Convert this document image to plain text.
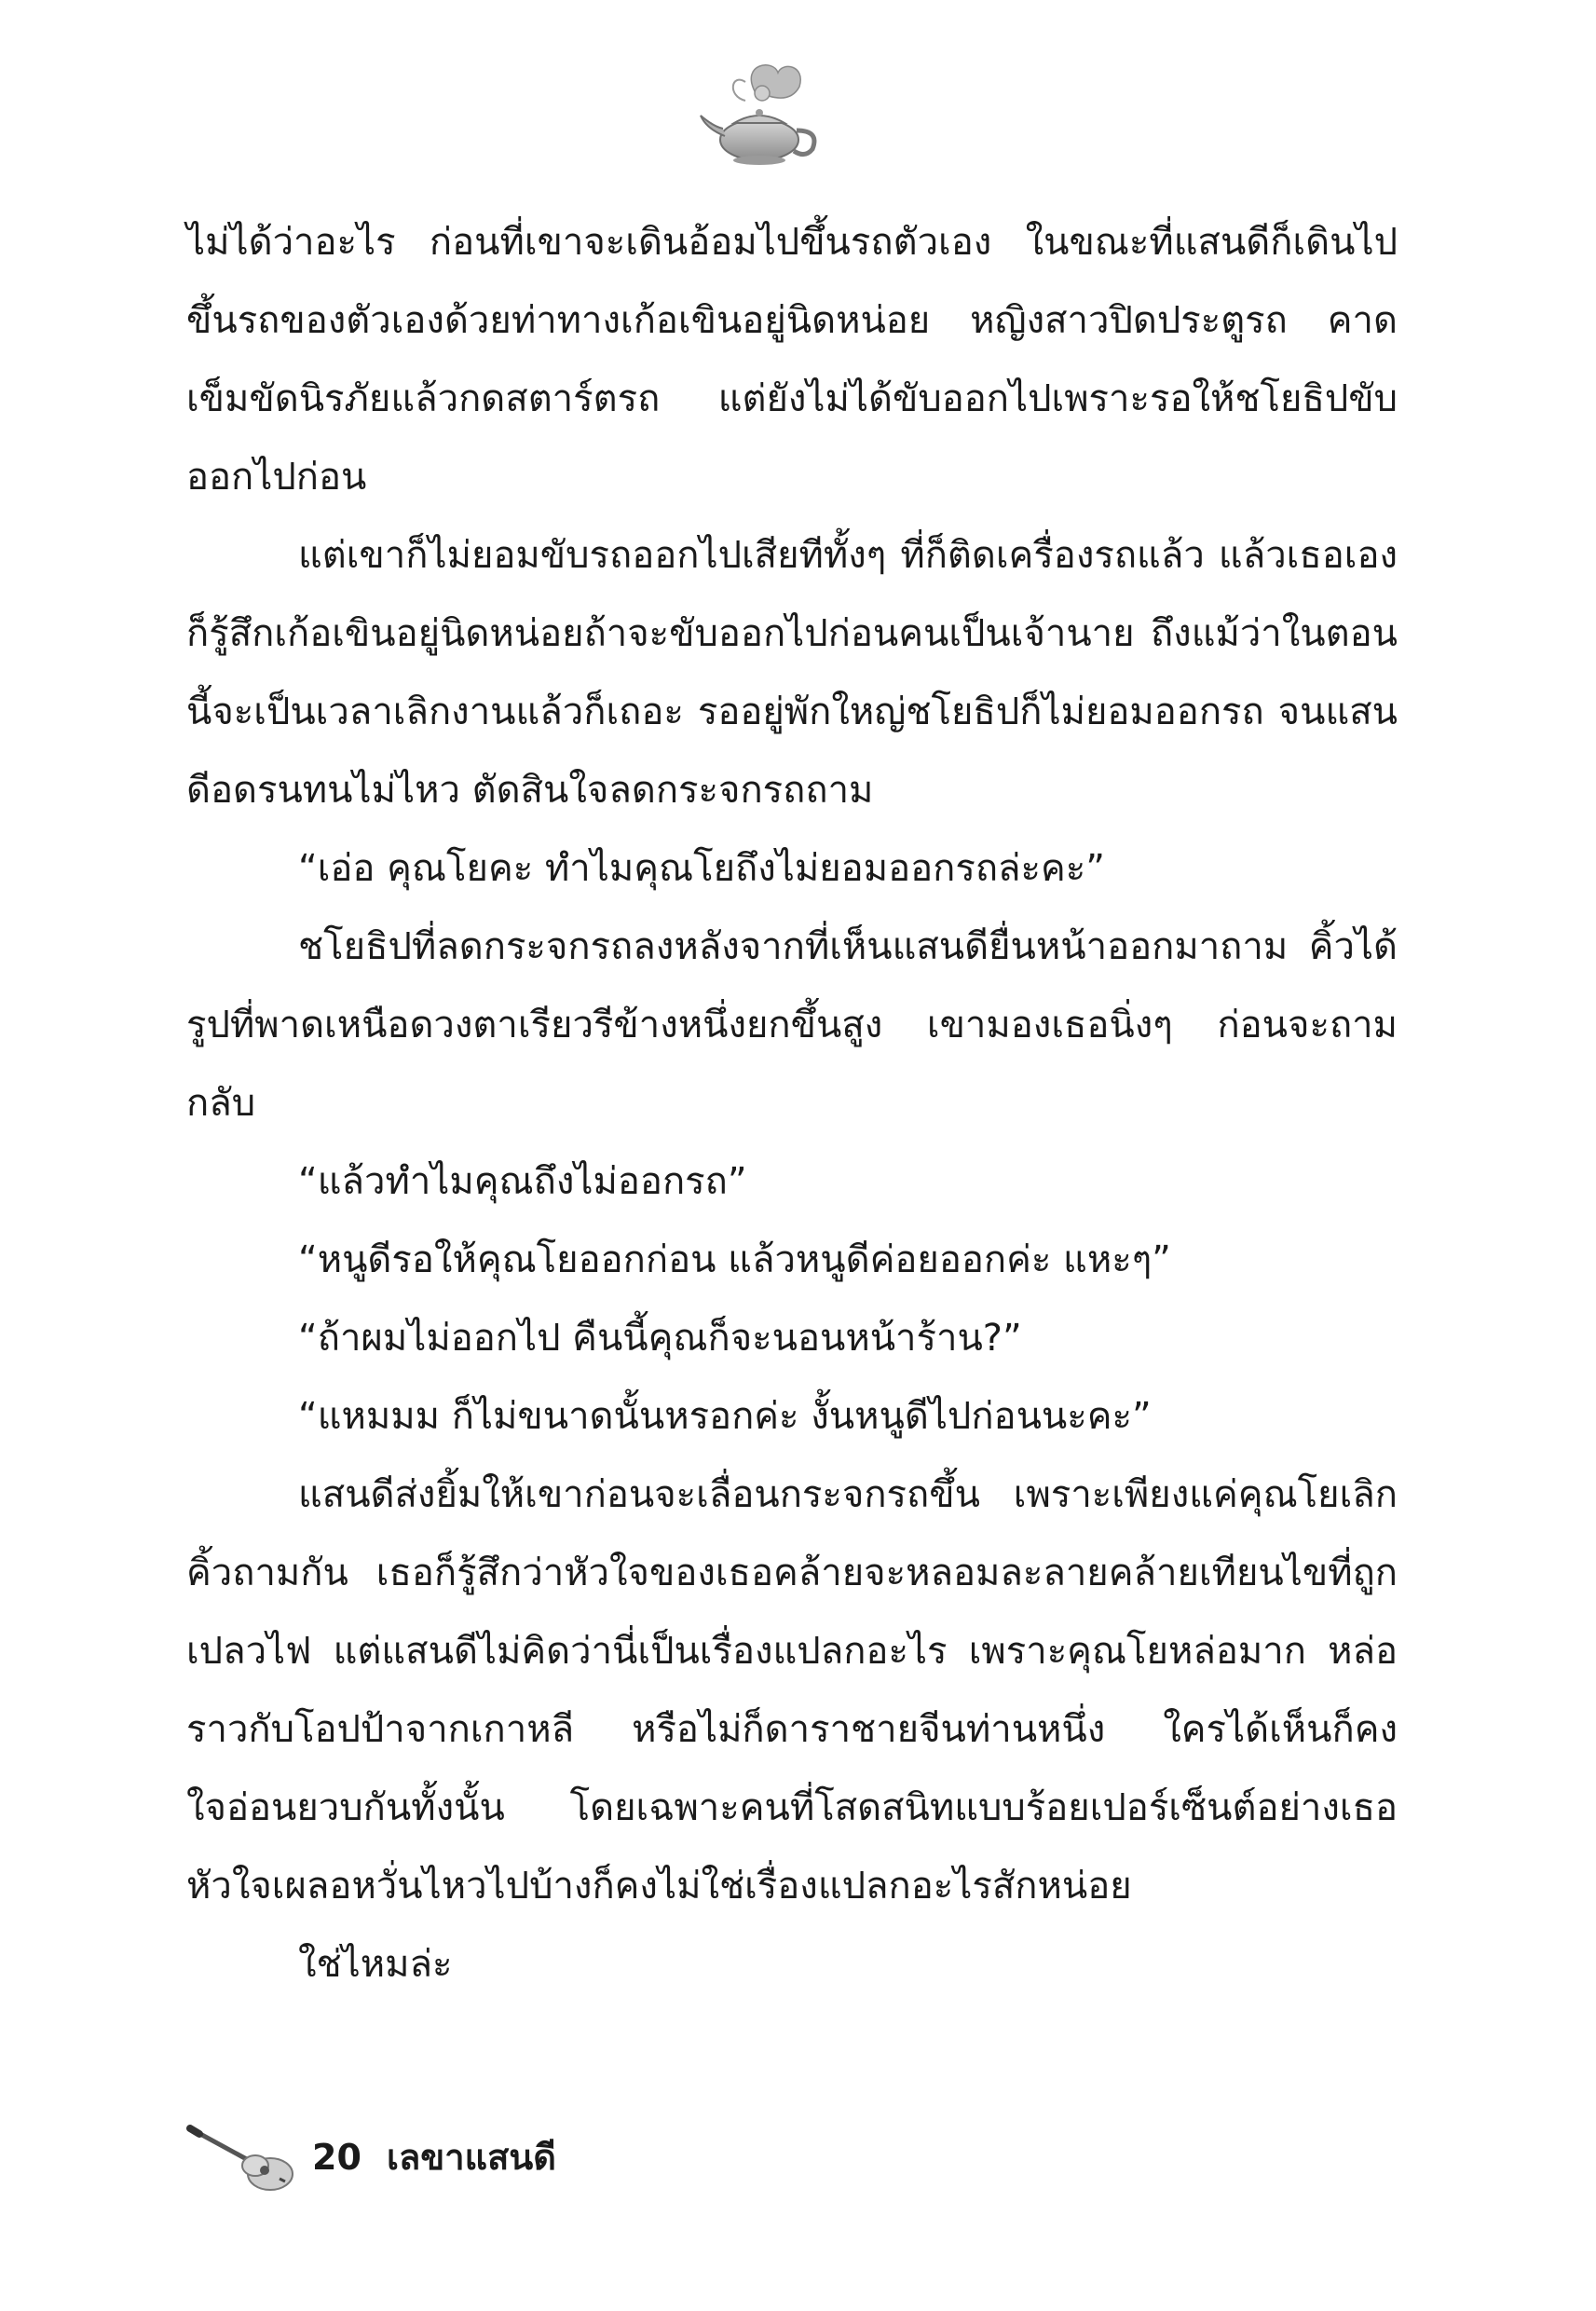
ไม่ได้ว่าอะไร ก่อนที่เขาจะเดินอ้อมไปขึ้นรถตัวเอง ในขณะที่แสนดีก็เดินไปขึ้นรถของตัวเองด้วยท่าทางเก้อเขินอยู่นิดหน่อย หญิงสาวปิดประตูรถ คาดเข็มขัดนิรภัยแล้วกดสตาร์ตรถ แต่ยังไม่ได้ขับออกไปเพราะรอให้ชโยธิปขับออกไปก่อน

แต่เขาก็ไม่ยอมขับรถออกไปเสียทีทั้งๆ ที่ก็ติดเครื่องรถแล้ว แล้วเธอเองก็รู้สึกเก้อเขินอยู่นิดหน่อยถ้าจะขับออกไปก่อนคนเป็นเจ้านาย ถึงแม้ว่าในตอนนี้จะเป็นเวลาเลิกงานแล้วก็เถอะ รออยู่พักใหญ่ชโยธิปก็ไม่ยอมออกรถ จนแสนดีอดรนทนไม่ไหว ตัดสินใจลดกระจกรถถาม

“เอ่อ คุณโยคะ ทำไมคุณโยถึงไม่ยอมออกรถล่ะคะ”

ชโยธิปที่ลดกระจกรถลงหลังจากที่เห็นแสนดียื่นหน้าออกมาถาม คิ้วได้รูปที่พาดเหนือดวงตาเรียวรีข้างหนึ่งยกขึ้นสูง เขามองเธอนิ่งๆ ก่อนจะถามกลับ

“แล้วทำไมคุณถึงไม่ออกรถ”

“หนูดีรอให้คุณโยออกก่อน แล้วหนูดีค่อยออกค่ะ แหะๆ”

“ถ้าผมไม่ออกไป คืนนี้คุณก็จะนอนหน้าร้าน?”

“แหมมม ก็ไม่ขนาดนั้นหรอกค่ะ งั้นหนูดีไปก่อนนะคะ”

แสนดีส่งยิ้มให้เขาก่อนจะเลื่อนกระจกรถขึ้น เพราะเพียงแค่คุณโยเลิกคิ้วถามกัน เธอก็รู้สึกว่าหัวใจของเธอคล้ายจะหลอมละลายคล้ายเทียนไขที่ถูกเปลวไฟ แต่แสนดีไม่คิดว่านี่เป็นเรื่องแปลกอะไร เพราะคุณโยหล่อมาก หล่อราวกับโอปป้าจากเกาหลี หรือไม่ก็ดาราชายจีนท่านหนึ่ง ใครได้เห็นก็คงใจอ่อนยวบกันทั้งนั้น โดยเฉพาะคนที่โสดสนิทแบบร้อยเปอร์เซ็นต์อย่างเธอ หัวใจเผลอหวั่นไหวไปบ้างก็คงไม่ใช่เรื่องแปลกอะไรสักหน่อย

ใช่ไหมล่ะ

20 เลขาแสนดี
